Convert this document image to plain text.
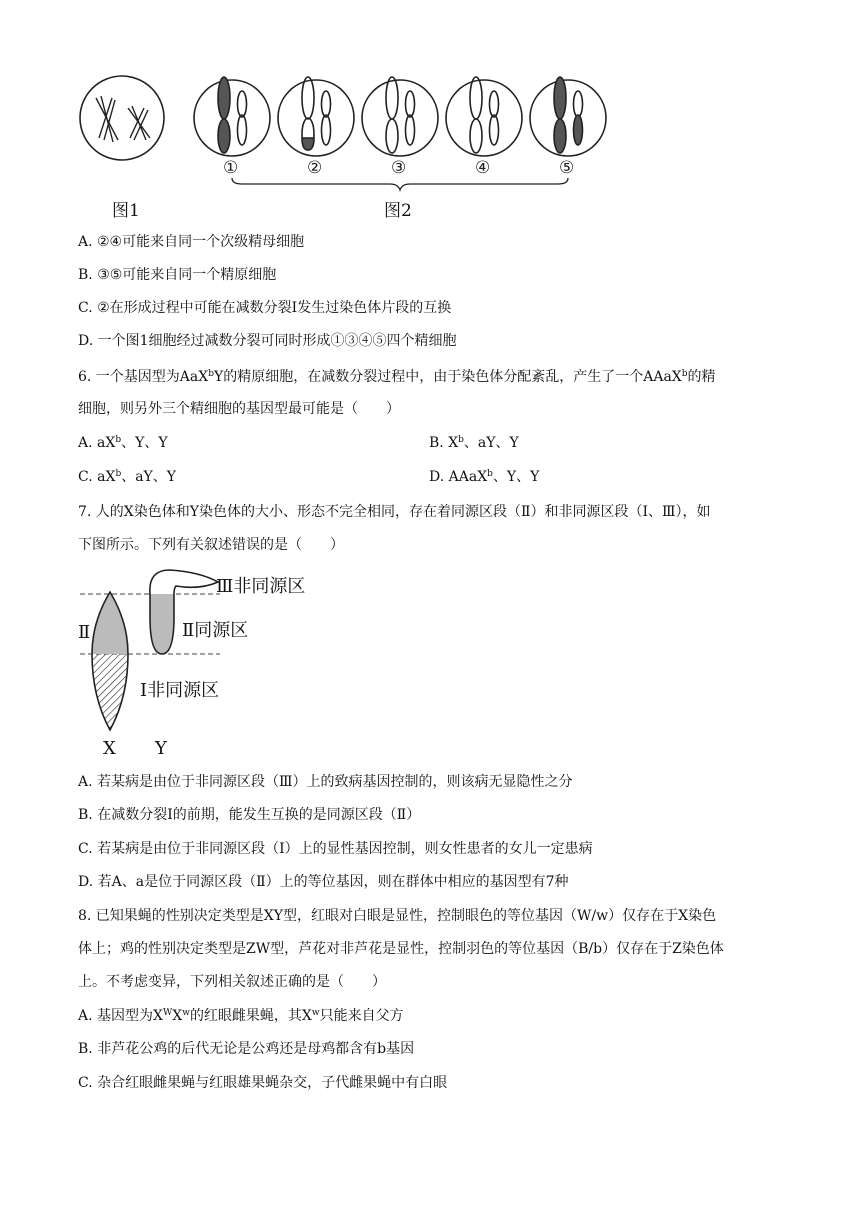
①	②	③	④	⑤
图1	图2
A. ②④可能来自同一个次级精母细胞
B. ③⑤可能来自同一个精原细胞
C. ②在形成过程中可能在减数分裂Ⅰ发生过染色体片段的互换
D. 一个图1细胞经过减数分裂可同时形成①③④⑤四个精细胞
6. 一个基因型为AaX$^b$Y的精原细胞，在减数分裂过程中，由于染色体分配紊乱，产生了一个AAaX$^b$的精
细胞，则另外三个精细胞的基因型最可能是（　　）
A. $aX^b$、Y、Y	B. $X^b$、aY、Y
C. $aX^b$、aY、Y	D. AAaX$^b$、Y、Y
7. 人的X染色体和Y染色体的大小、形态不完全相同，存在着同源区段（Ⅱ）和非同源区段（Ⅰ、Ⅲ），如
下图所示。下列有关叙述错误的是（　　）
Ⅲ非同源区
Ⅱ	Ⅱ同源区
Ⅰ非同源区
X Y
A. 若某病是由位于非同源区段（Ⅲ）上的致病基因控制的，则该病无显隐性之分
B. 在减数分裂Ⅰ的前期，能发生互换的是同源区段（Ⅱ）
C. 若某病是由位于非同源区段（Ⅰ）上的显性基因控制，则女性患者的女儿一定患病
D. 若A、a是位于同源区段（Ⅱ）上的等位基因，则在群体中相应的基因型有7种
8. 已知果蝇的性别决定类型是XY型，红眼对白眼是显性，控制眼色的等位基因（W/w）仅存在于X染色
体上；鸡的性别决定类型是ZW型，芦花对非芦花是显性，控制羽色的等位基因（B/b）仅存在于Z染色体
上。不考虑变异，下列相关叙述正确的是（　　）
A. 基因型为$X^WX^w$的红眼雌果蝇，其$X^w$只能来自父方
B. 非芦花公鸡的后代无论是公鸡还是母鸡都含有b基因
C. 杂合红眼雌果蝇与红眼雄果蝇杂交，子代雌果蝇中有白眼
